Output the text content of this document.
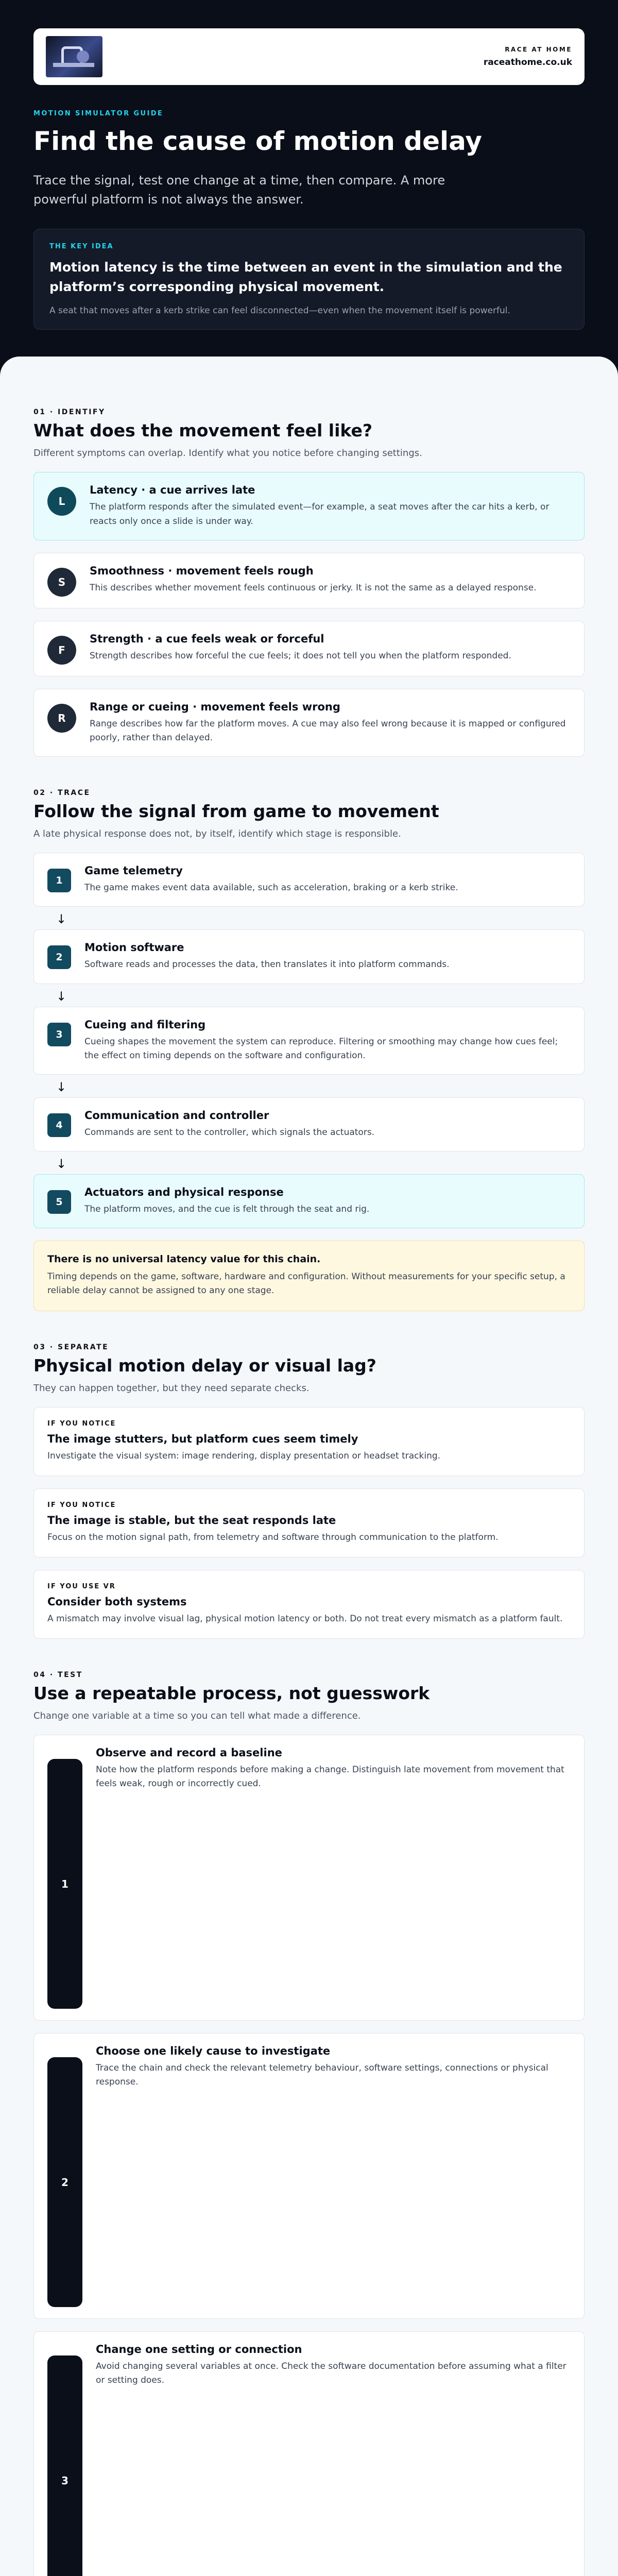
RACE AT HOME
raceathome.co.uk
MOTION SIMULATOR GUIDE
Find the cause of motion delay
Trace the signal, test one change at a time, then compare. A more powerful platform is not always the answer.
THE KEY IDEA
Motion latency is the time between an event in the simulation and the platform’s corresponding physical movement.
A seat that moves after a kerb strike can feel disconnected—even when the movement itself is powerful.
01 · IDENTIFY
What does the movement feel like?
Different symptoms can overlap. Identify what you notice before changing settings.
L
Latency · a cue arrives late
The platform responds after the simulated event—for example, a seat moves after the car hits a kerb, or reacts only once a slide is under way.
S
Smoothness · movement feels rough
This describes whether movement feels continuous or jerky. It is not the same as a delayed response.
F
Strength · a cue feels weak or forceful
Strength describes how forceful the cue feels; it does not tell you when the platform responded.
R
Range or cueing · movement feels wrong
Range describes how far the platform moves. A cue may also feel wrong because it is mapped or configured poorly, rather than delayed.
02 · TRACE
Follow the signal from game to movement
A late physical response does not, by itself, identify which stage is responsible.
1
Game telemetry
The game makes event data available, such as acceleration, braking or a kerb strike.
↓
2
Motion software
Software reads and processes the data, then translates it into platform commands.
↓
3
Cueing and filtering
Cueing shapes the movement the system can reproduce. Filtering or smoothing may change how cues feel; the effect on timing depends on the software and configuration.
↓
4
Communication and controller
Commands are sent to the controller, which signals the actuators.
↓
5
Actuators and physical response
The platform moves, and the cue is felt through the seat and rig.
There is no universal latency value for this chain.
Timing depends on the game, software, hardware and configuration. Without measurements for your specific setup, a reliable delay cannot be assigned to any one stage.
03 · SEPARATE
Physical motion delay or visual lag?
They can happen together, but they need separate checks.
IF YOU NOTICE
The image stutters, but platform cues seem timely
Investigate the visual system: image rendering, display presentation or headset tracking.
IF YOU NOTICE
The image is stable, but the seat responds late
Focus on the motion signal path, from telemetry and software through communication to the platform.
IF YOU USE VR
Consider both systems
A mismatch may involve visual lag, physical motion latency or both. Do not treat every mismatch as a platform fault.
04 · TEST
Use a repeatable process, not guesswork
Change one variable at a time so you can tell what made a difference.
1
Observe and record a baseline
Note how the platform responds before making a change. Distinguish late movement from movement that feels weak, rough or incorrectly cued.
2
Choose one likely cause to investigate
Trace the chain and check the relevant telemetry behaviour, software settings, connections or physical response.
3
Change one setting or connection
Avoid changing several variables at once. Check the software documentation before assuming what a filter or setting does.
